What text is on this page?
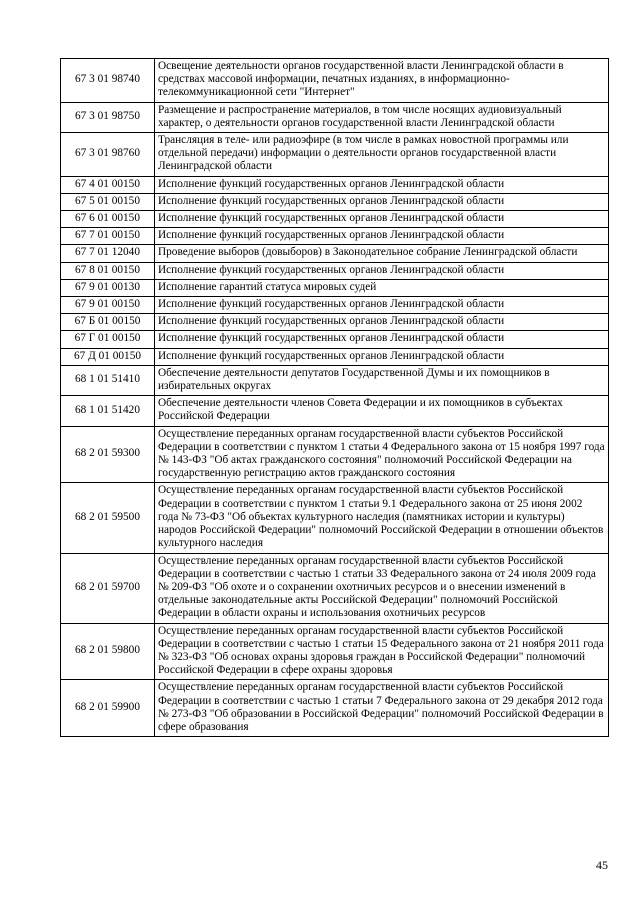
67 3 01 98740	Освещение деятельности органов государственной власти Ленинградской области в средствах массовой информации, печатных изданиях, в информационно-телекоммуникационной сети "Интернет"
67 3 01 98750	Размещение и распространение материалов, в том числе носящих аудиовизуальный характер, о деятельности органов государственной власти Ленинградской области
67 3 01 98760	Трансляция в теле- или радиоэфире (в том числе в рамках новостной программы или отдельной передачи) информации о деятельности органов государственной власти Ленинградской области
67 4 01 00150	Исполнение функций государственных органов Ленинградской области
67 5 01 00150	Исполнение функций государственных органов Ленинградской области
67 6 01 00150	Исполнение функций государственных органов Ленинградской области
67 7 01 00150	Исполнение функций государственных органов Ленинградской области
67 7 01 12040	Проведение выборов (довыборов) в Законодательное собрание Ленинградской области
67 8 01 00150	Исполнение функций государственных органов Ленинградской области
67 9 01 00130	Исполнение гарантий статуса мировых судей
67 9 01 00150	Исполнение функций государственных органов Ленинградской области
67 Б 01 00150	Исполнение функций государственных органов Ленинградской области
67 Г 01 00150	Исполнение функций государственных органов Ленинградской области
67 Д 01 00150	Исполнение функций государственных органов Ленинградской области
68 1 01 51410	Обеспечение деятельности депутатов Государственной Думы и их помощников в избирательных округах
68 1 01 51420	Обеспечение деятельности членов Совета Федерации и их помощников в субъектах Российской Федерации
68 2 01 59300	Осуществление переданных органам государственной власти субъектов Российской Федерации в соответствии с пунктом 1 статьи 4 Федерального закона от 15 ноября 1997 года № 143-ФЗ "Об актах гражданского состояния" полномочий Российской Федерации на государственную регистрацию актов гражданского состояния
68 2 01 59500	Осуществление переданных органам государственной власти субъектов Российской Федерации в соответствии с пунктом 1 статьи 9.1 Федерального закона от 25 июня 2002 года № 73-ФЗ "Об объектах культурного наследия (памятниках истории и культуры) народов Российской Федерации" полномочий Российской Федерации в отношении объектов культурного наследия
68 2 01 59700	Осуществление переданных органам государственной власти субъектов Российской Федерации в соответствии с частью 1 статьи 33 Федерального закона от 24 июля 2009 года № 209-ФЗ "Об охоте и о сохранении охотничьих ресурсов и о внесении изменений в отдельные законодательные акты Российской Федерации" полномочий Российской Федерации в области охраны и использования охотничьих ресурсов
68 2 01 59800	Осуществление переданных органам государственной власти субъектов Российской Федерации в соответствии с частью 1 статьи 15 Федерального закона от 21 ноября 2011 года № 323-ФЗ "Об основах охраны здоровья граждан в Российской Федерации" полномочий Российской Федерации в сфере охраны здоровья
68 2 01 59900	Осуществление переданных органам государственной власти субъектов Российской Федерации в соответствии с частью 1 статьи 7 Федерального закона от 29 декабря 2012 года № 273-ФЗ "Об образовании в Российской Федерации" полномочий Российской Федерации в сфере образования
45
